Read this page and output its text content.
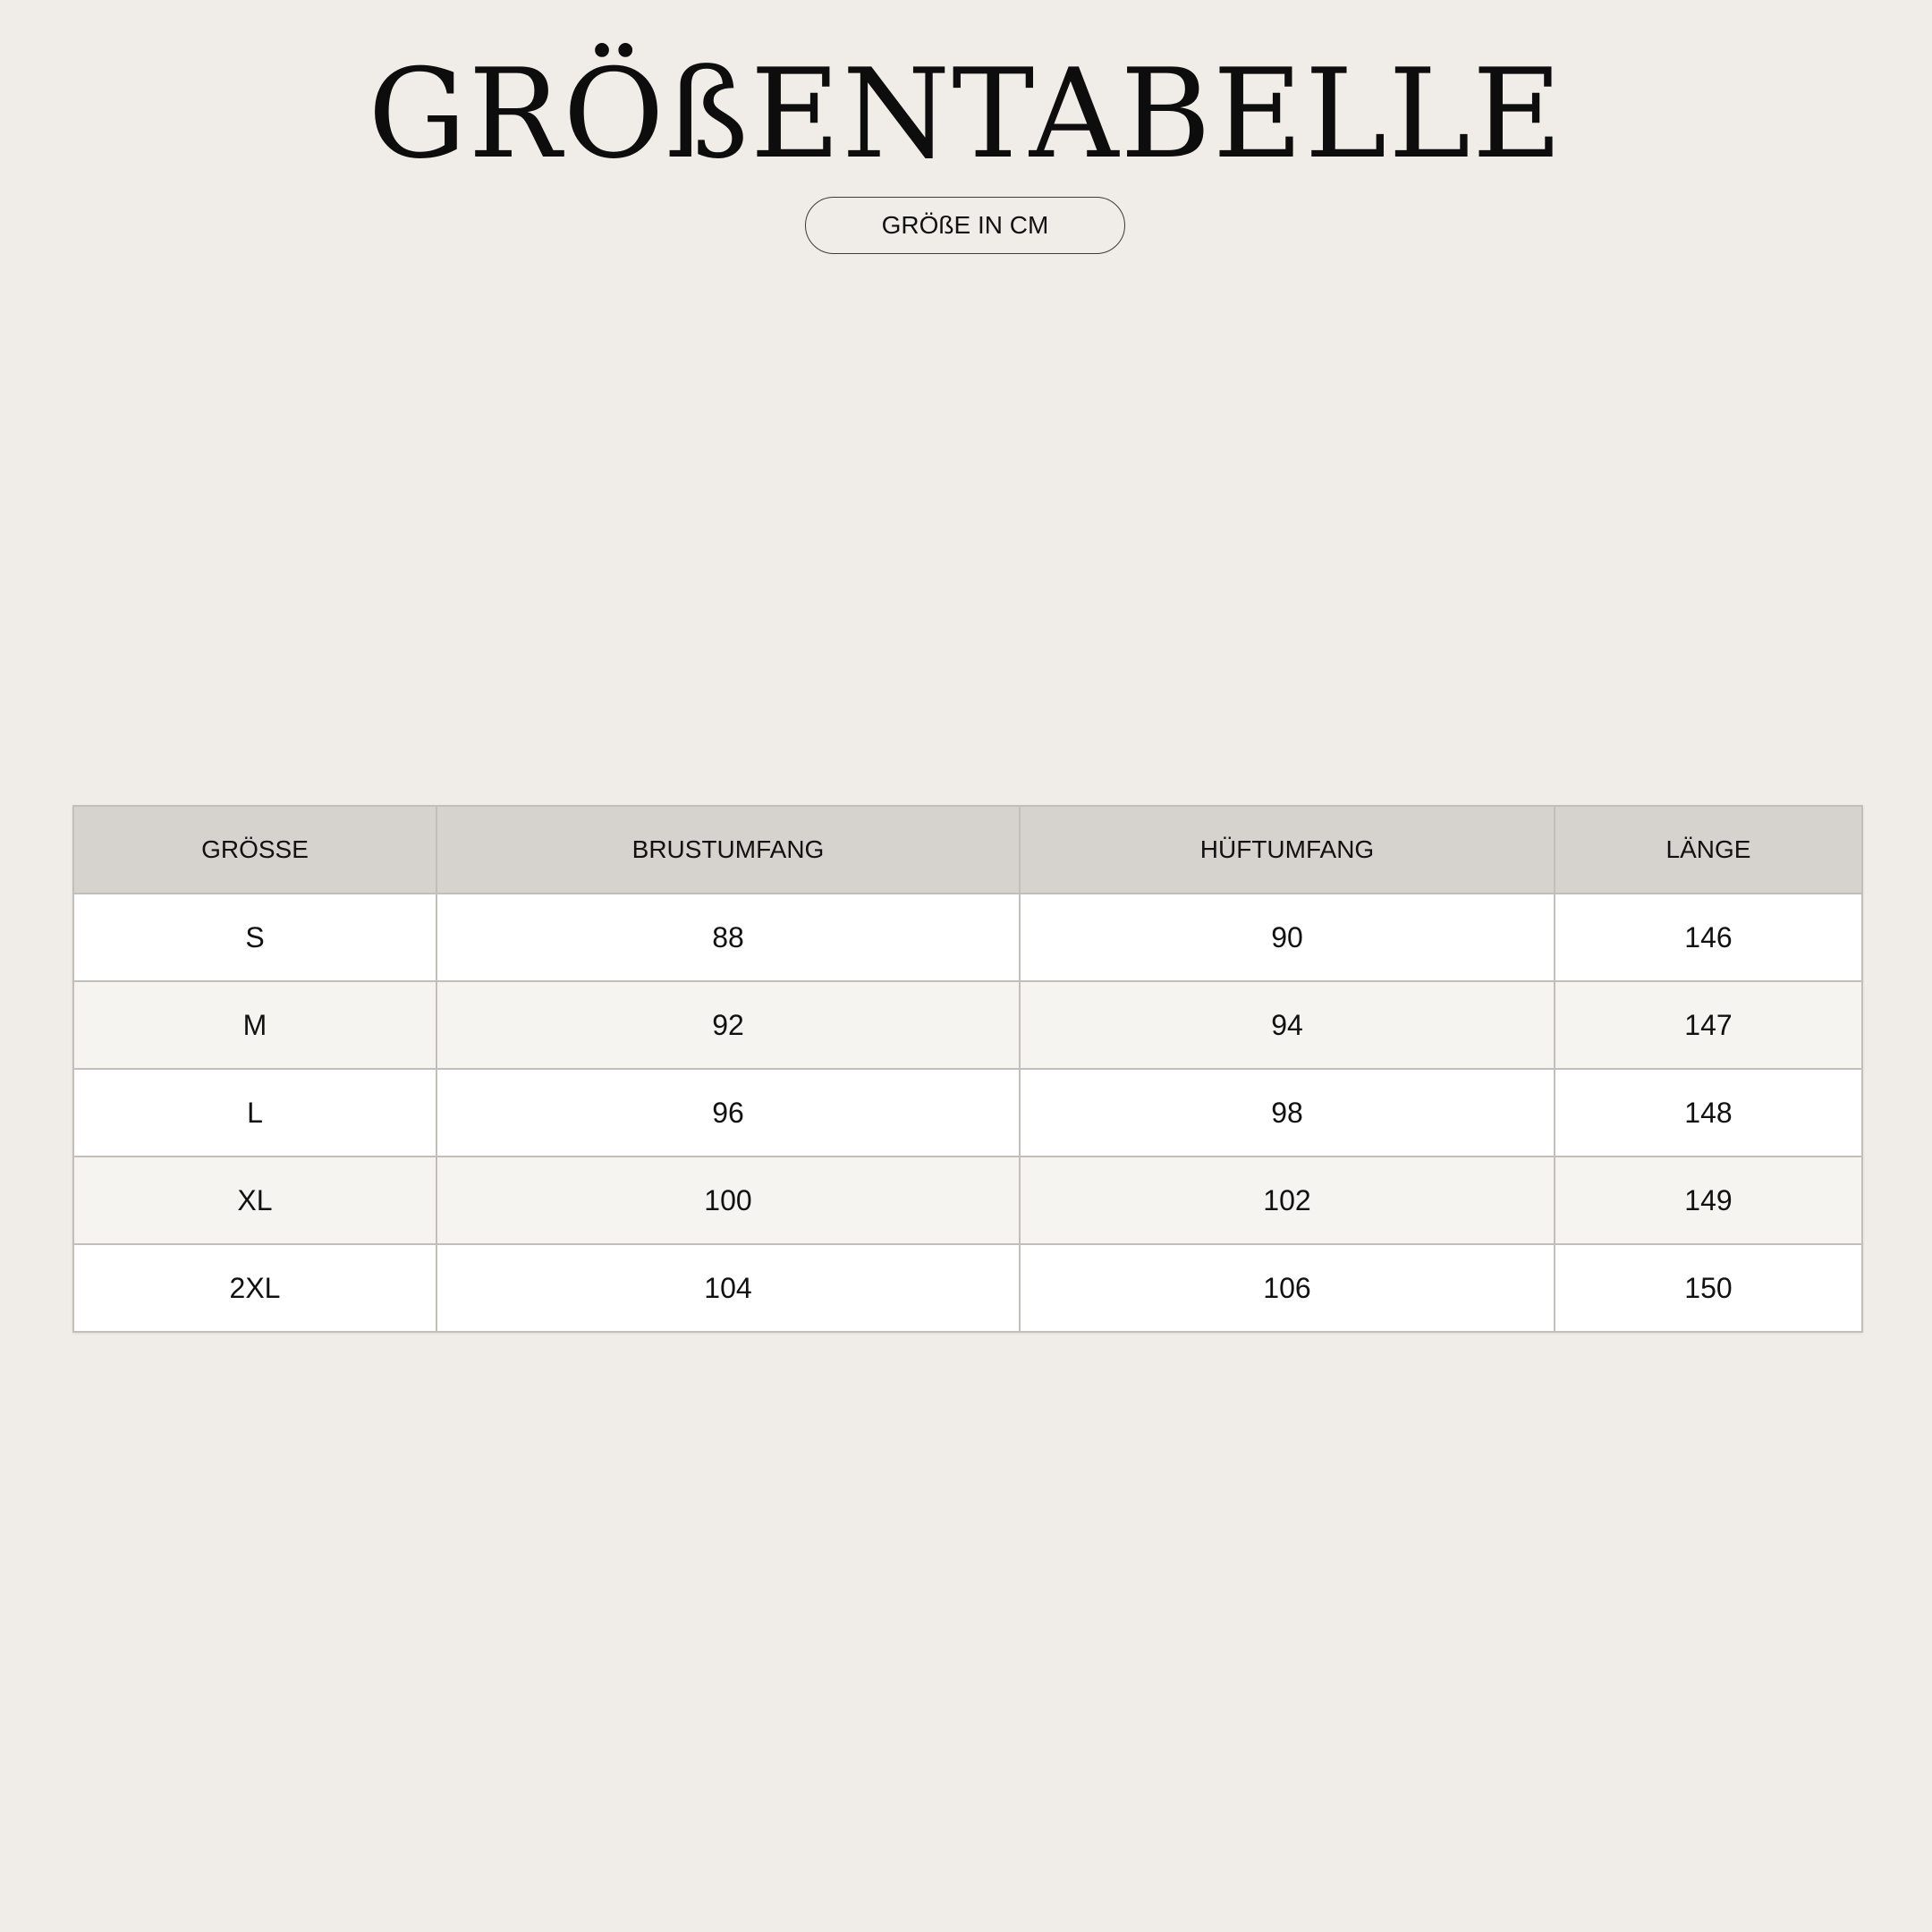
GRÖßENTABELLE
GRÖßE IN CM
GRÖSSE	BRUSTUMFANG	HÜFTUMFANG	LÄNGE
S	88	90	146
M	92	94	147
L	96	98	148
XL	100	102	149
2XL	104	106	150
